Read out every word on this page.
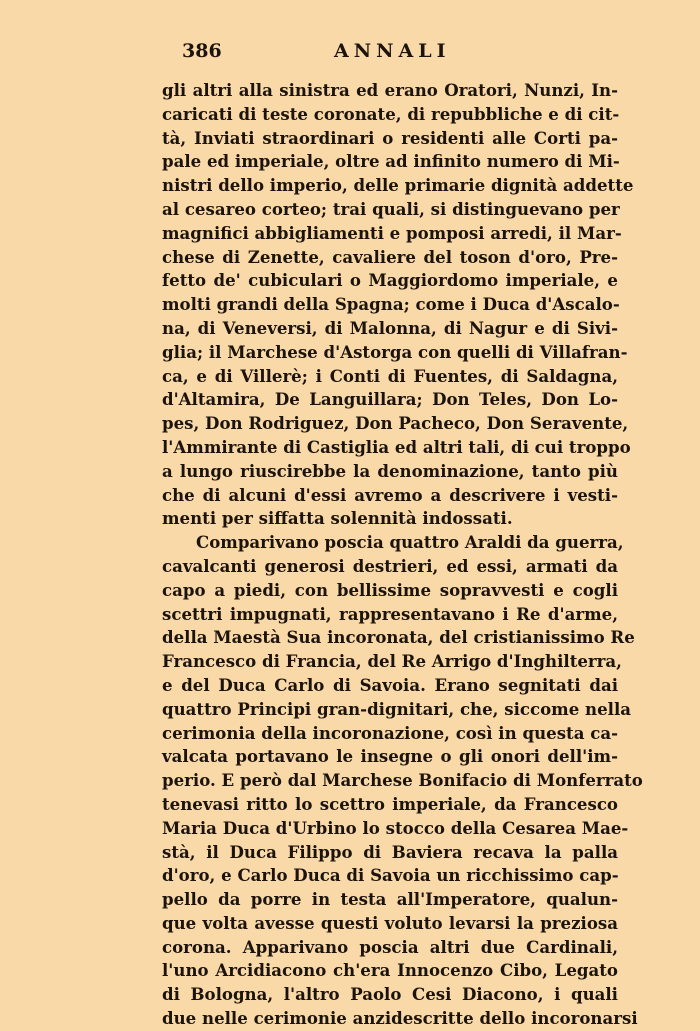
386	ANNALI
gli altri alla sinistra ed erano Oratori, Nunzi, In-
caricati di teste coronate, di repubbliche e di cit-
tà, Inviati straordinari o residenti alle Corti pa-
pale ed imperiale, oltre ad infinito numero di Mi-
nistri dello imperio, delle primarie dignità addette
al cesareo corteo; trai quali, si distinguevano per
magnifici abbigliamenti e pomposi arredi, il Mar-
chese di Zenette, cavaliere del toson d'oro, Pre-
fetto de' cubiculari o Maggiordomo imperiale, e
molti grandi della Spagna; come i Duca d'Ascalo-
na, di Veneversi, di Malonna, di Nagur e di Sivi-
glia; il Marchese d'Astorga con quelli di Villafran-
ca, e di Villerè; i Conti di Fuentes, di Saldagna,
d'Altamira, De Languillara; Don Teles, Don Lo-
pes, Don Rodriguez, Don Pacheco, Don Seravente,
l'Ammirante di Castiglia ed altri tali, di cui troppo
a lungo riuscirebbe la denominazione, tanto più
che di alcuni d'essi avremo a descrivere i vesti-
menti per siffatta solennità indossati.
Comparivano poscia quattro Araldi da guerra,
cavalcanti generosi destrieri, ed essi, armati da
capo a piedi, con bellissime sopravvesti e cogli
scettri impugnati, rappresentavano i Re d'arme,
della Maestà Sua incoronata, del cristianissimo Re
Francesco di Francia, del Re Arrigo d'Inghilterra,
e del Duca Carlo di Savoia. Erano segnitati dai
quattro Principi gran-dignitari, che, siccome nella
cerimonia della incoronazione, così in questa ca-
valcata portavano le insegne o gli onori dell'im-
perio. E però dal Marchese Bonifacio di Monferrato
tenevasi ritto lo scettro imperiale, da Francesco
Maria Duca d'Urbino lo stocco della Cesarea Mae-
stà, il Duca Filippo di Baviera recava la palla
d'oro, e Carlo Duca di Savoia un ricchissimo cap-
pello da porre in testa all'Imperatore, qualun-
que volta avesse questi voluto levarsi la preziosa
corona. Apparivano poscia altri due Cardinali,
l'uno Arcidiacono ch'era Innocenzo Cibo, Legato
di Bologna, l'altro Paolo Cesi Diacono, i quali
due nelle cerimonie anzidescritte dello incoronarsi
